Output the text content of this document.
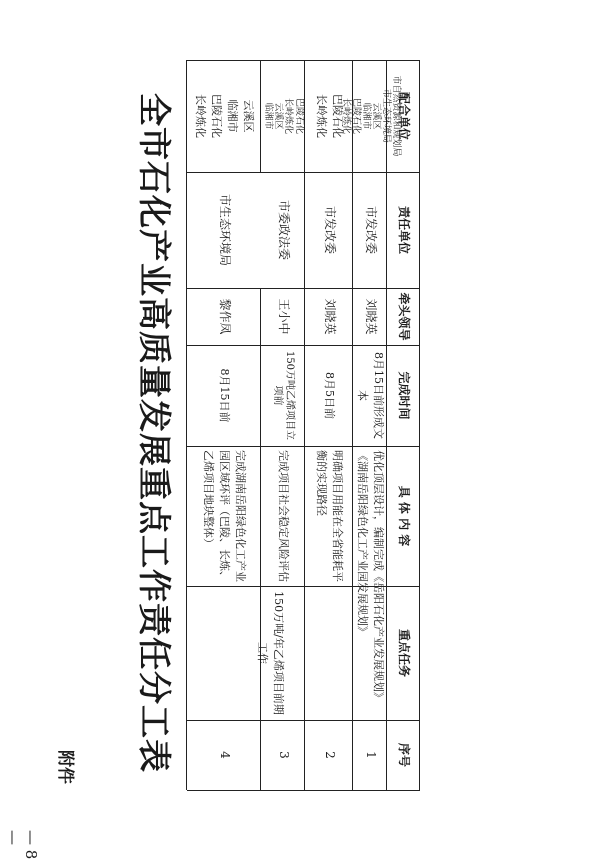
全市石化产业高质量发展重点工作责任分工表	序号
重点任务
具 体 内 容
完成时间
牵头领导
责任单位
配合单位
1
优化顶层设计，编制完成《岳阳石化产业发展规划》《湖南岳阳绿色化工产业园发展规划》
8月15日前形成文本
刘晓英
市发改委
市自然资源和规划局
市生态环境局
云溪区
临湘市
巴陵石化
长岭炼化
150万吨/年乙烯项目前期工作
2
明确项目用能在全省能耗平衡的实现路径
8月5日前
刘晓英
市发改委
巴陵石化
长岭炼化
3
完成项目社会稳定风险评估
150万吨乙烯项目立项前
王小中
市委政法委
巴陵石化
长岭炼化
云溪区
临湘市
4
完成湖南岳阳绿色化工产业园区域环评（巴陵、长炼、乙烯项目地块整体）
8月15日前
黎作凤
市生态环境局
云溪区
临湘市
巴陵石化
长岭炼化
附件
— 8 —
